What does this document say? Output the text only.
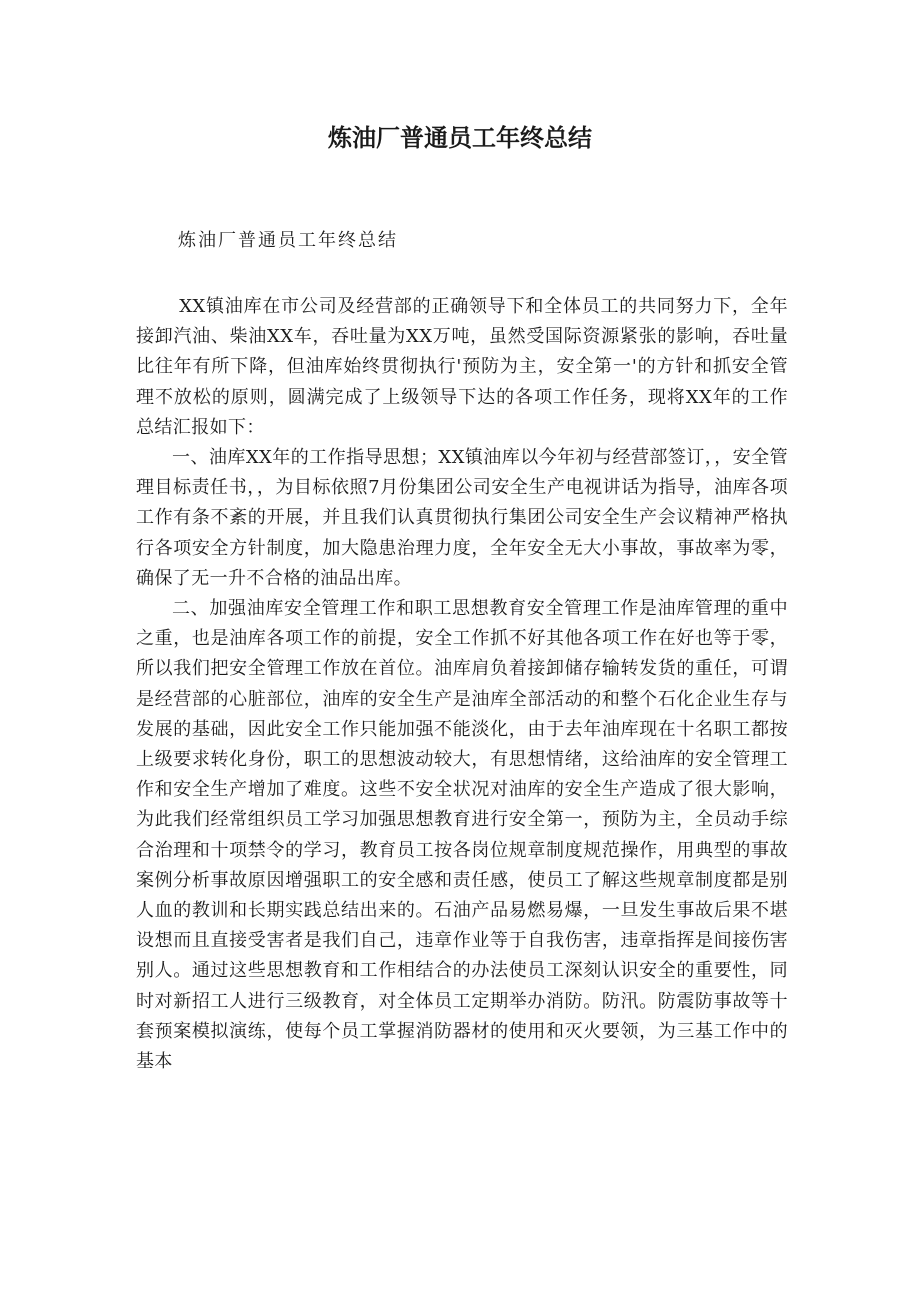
炼油厂普通员工年终总结
炼油厂普通员工年终总结

XX镇油库在市公司及经营部的正确领导下和全体员工的共同努力下，全年接卸汽油、柴油XX车，吞吐量为XX万吨，虽然受国际资源紧张的影响，吞吐量比往年有所下降，但油库始终贯彻执行'预防为主，安全第一'的方针和抓安全管理不放松的原则，圆满完成了上级领导下达的各项工作任务，现将XX年的工作总结汇报如下：

一、油库XX年的工作指导思想；XX镇油库以今年初与经营部签订，，安全管理目标责任书，，为目标依照7月份集团公司安全生产电视讲话为指导，油库各项工作有条不紊的开展，并且我们认真贯彻执行集团公司安全生产会议精神严格执行各项安全方针制度，加大隐患治理力度，全年安全无大小事故，事故率为零，确保了无一升不合格的油品出库。

二、加强油库安全管理工作和职工思想教育安全管理工作是油库管理的重中之重，也是油库各项工作的前提，安全工作抓不好其他各项工作在好也等于零，所以我们把安全管理工作放在首位。油库肩负着接卸储存输转发货的重任，可谓是经营部的心脏部位，油库的安全生产是油库全部活动的和整个石化企业生存与发展的基础，因此安全工作只能加强不能淡化，由于去年油库现在十名职工都按上级要求转化身份，职工的思想波动较大，有思想情绪，这给油库的安全管理工作和安全生产增加了难度。这些不安全状况对油库的安全生产造成了很大影响，为此我们经常组织员工学习加强思想教育进行安全第一，预防为主，全员动手综合治理和十项禁令的学习，教育员工按各岗位规章制度规范操作，用典型的事故案例分析事故原因增强职工的安全感和责任感，使员工了解这些规章制度都是别人血的教训和长期实践总结出来的。石油产品易燃易爆，一旦发生事故后果不堪设想而且直接受害者是我们自己，违章作业等于自我伤害，违章指挥是间接伤害别人。通过这些思想教育和工作相结合的办法使员工深刻认识安全的重要性，同时对新招工人进行三级教育，对全体员工定期举办消防。防汛。防震防事故等十套预案模拟演练，使每个员工掌握消防器材的使用和灭火要领，为三基工作中的基本
